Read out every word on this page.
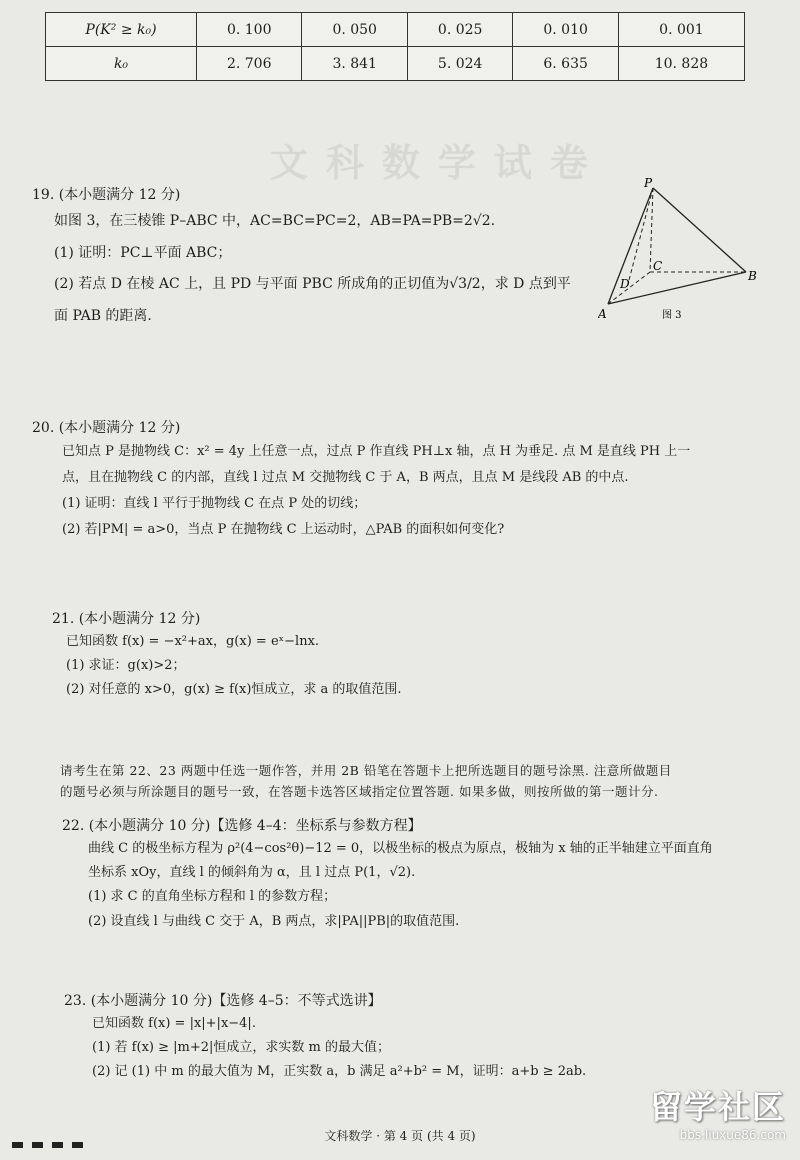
P(K² ≥ k₀)	0. 100	0. 050	0. 025	0. 010	0. 001
k₀	2. 706	3. 841	5. 024	6. 635	10. 828
文科数学试卷

19. (本小题满分 12 分)

如图 3，在三棱锥 P–ABC 中，AC=BC=PC=2，AB=PA=PB=2√2.

(1) 证明：PC⊥平面 ABC；

(2) 若点 D 在棱 AC 上，且 PD 与平面 PBC 所成角的正切值为√3/2，求 D 点到平

面 PAB 的距离.

P
A
B
C
D
图 3

20. (本小题满分 12 分)

已知点 P 是抛物线 C：x² = 4y 上任意一点，过点 P 作直线 PH⊥x 轴，点 H 为垂足. 点 M 是直线 PH 上一

点，且在抛物线 C 的内部，直线 l 过点 M 交抛物线 C 于 A，B 两点，且点 M 是线段 AB 的中点.

(1) 证明：直线 l 平行于抛物线 C 在点 P 处的切线；

(2) 若|PM| = a>0，当点 P 在抛物线 C 上运动时，△PAB 的面积如何变化?

21. (本小题满分 12 分)

已知函数 f(x) = −x²+ax，g(x) = eˣ−lnx.

(1) 求证：g(x)>2；

(2) 对任意的 x>0，g(x) ≥ f(x)恒成立，求 a 的取值范围.

请考生在第 22、23 两题中任选一题作答，并用 2B 铅笔在答题卡上把所选题目的题号涂黑. 注意所做题目
的题号必须与所涂题目的题号一致，在答题卡选答区域指定位置答题. 如果多做，则按所做的第一题计分.

22. (本小题满分 10 分)【选修 4–4：坐标系与参数方程】

曲线 C 的极坐标方程为 ρ²(4−cos²θ)−12 = 0，以极坐标的极点为原点，极轴为 x 轴的正半轴建立平面直角

坐标系 xOy，直线 l 的倾斜角为 α，且 l 过点 P(1，√2).

(1) 求 C 的直角坐标方程和 l 的参数方程；

(2) 设直线 l 与曲线 C 交于 A，B 两点，求|PA||PB|的取值范围.

23. (本小题满分 10 分)【选修 4–5：不等式选讲】

已知函数 f(x) = |x|+|x−4|.

(1) 若 f(x) ≥ |m+2|恒成立，求实数 m 的最大值；

(2) 记 (1) 中 m 的最大值为 M，正实数 a，b 满足 a²+b² = M，证明：a+b ≥ 2ab.

文科数学 · 第 4 页 (共 4 页)
留学社区
bbs.liuxue86.com
